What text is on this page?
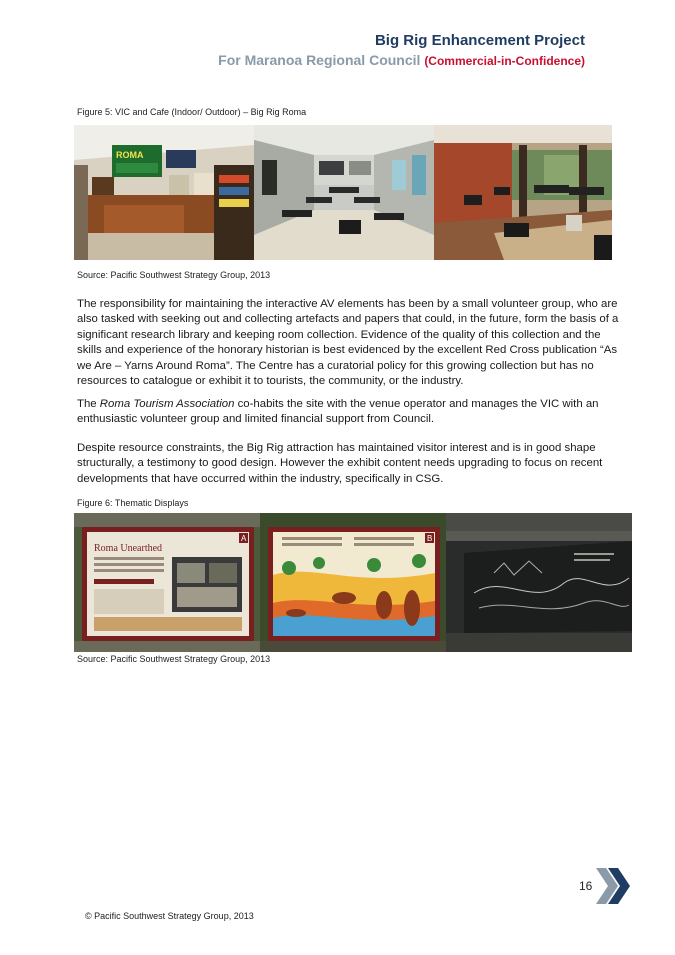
Big Rig Enhancement Project
For Maranoa Regional Council (Commercial-in-Confidence)
Figure 5: VIC and Cafe (Indoor/ Outdoor) – Big Rig Roma
ROMA
Source: Pacific Southwest Strategy Group, 2013
The responsibility for maintaining the interactive AV elements has been by a small volunteer group, who are also tasked with seeking out and collecting artefacts and papers that could, in the future, form the basis of a significant research library and keeping room collection. Evidence of the quality of this collection and the skills and experience of the honorary historian is best evidenced by the excellent Red Cross publication “As we Are – Yarns Around Roma”. The Centre has a curatorial policy for this growing collection but has no resources to catalogue or exhibit it to tourists, the community, or the industry.
The Roma Tourism Association co-habits the site with the venue operator and manages the VIC with an enthusiastic volunteer group and limited financial support from Council.
Despite resource constraints, the Big Rig attraction has maintained visitor interest and is in good shape structurally, a testimony to good design. However the exhibit content needs upgrading to focus on recent developments that have occurred within the industry, specifically in CSG.
Figure 6: Thematic Displays
Roma Unearthed
A	B
Source: Pacific Southwest Strategy Group, 2013
16
© Pacific Southwest Strategy Group, 2013
